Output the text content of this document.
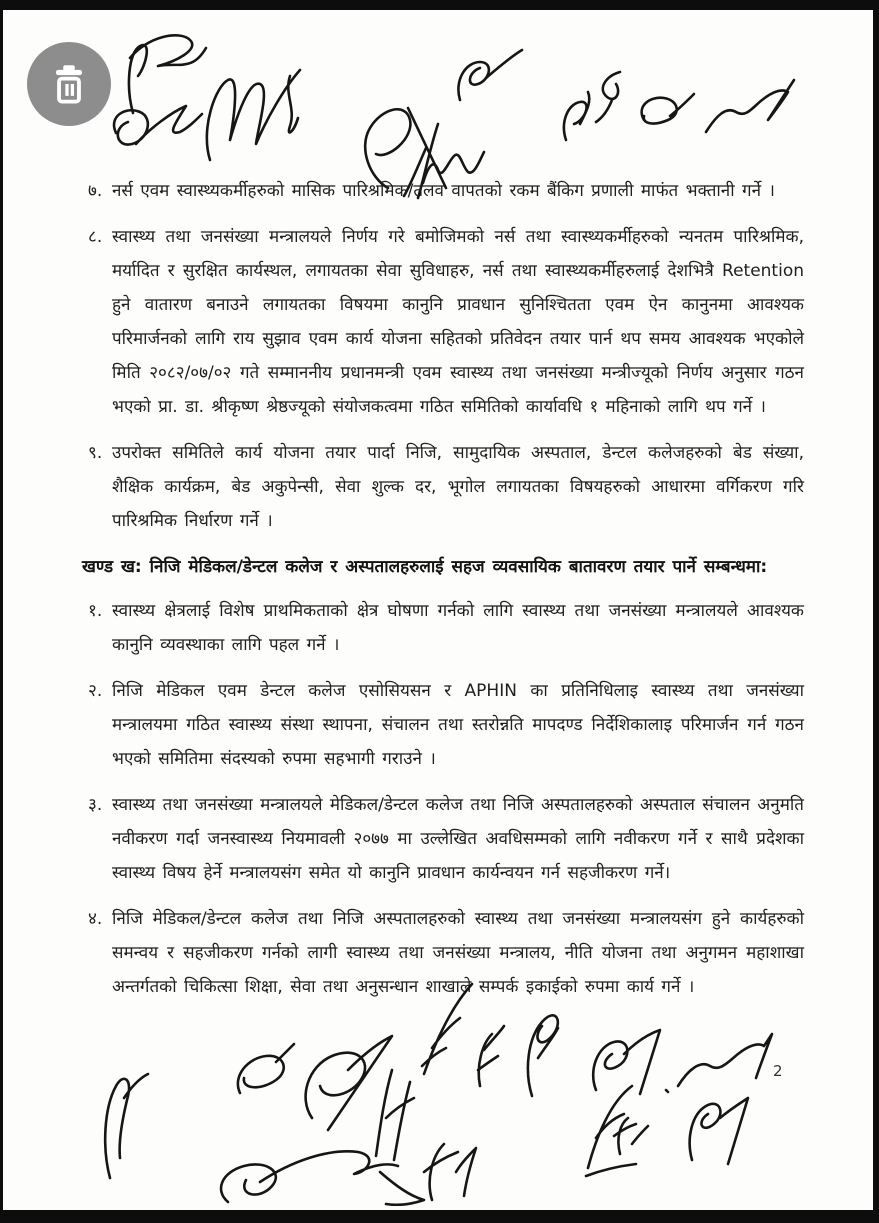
७. नर्स एवम स्वास्थ्यकर्मीहरुको मासिक पारिश्रमिक/तलव वापतको रकम बैंकिग प्रणाली माफंत भक्तानी गर्ने ।
८. स्वास्थ्य तथा जनसंख्या मन्त्रालयले निर्णय गरे बमोजिमको नर्स तथा स्वास्थ्यकर्मीहरुको न्यनतम पारिश्रमिक, मर्यादित र सुरक्षित कार्यस्थल, लगायतका सेवा सुविधाहरु, नर्स तथा स्वास्थ्यकर्मीहरुलाई देशभित्रै Retention हुने वातारण बनाउने लगायतका विषयमा कानुनि प्रावधान सुनिश्चितता एवम ऐन कानुनमा आवश्यक परिमार्जनको लागि राय सुझाव एवम कार्य योजना सहितको प्रतिवेदन तयार पार्न थप समय आवश्यक भएकोले मिति २०८२/०७/०२ गते सम्माननीय प्रधानमन्त्री एवम स्वास्थ्य तथा जनसंख्या मन्त्रीज्यूको निर्णय अनुसार गठन भएको प्रा. डा. श्रीकृष्ण श्रेष्ठज्यूको संयोजकत्वमा गठित समितिको कार्यावधि १ महिनाको लागि थप गर्ने ।
९. उपरोक्त समितिले कार्य योजना तयार पार्दा निजि, सामुदायिक अस्पताल, डेन्टल कलेजहरुको बेड संख्या, शैक्षिक कार्यक्रम, बेड अकुपेन्सी, सेवा शुल्क दर, भूगोल लगायतका विषयहरुको आधारमा वर्गिकरण गरि पारिश्रमिक निर्धारण गर्ने ।
खण्ड ख: निजि मेडिकल/डेन्टल कलेज र अस्पतालहरुलाई सहज व्यवसायिक बातावरण तयार पार्ने सम्बन्धमा:
१. स्वास्थ्य क्षेत्रलाई विशेष प्राथमिकताको क्षेत्र घोषणा गर्नको लागि स्वास्थ्य तथा जनसंख्या मन्त्रालयले आवश्यक कानुनि व्यवस्थाका लागि पहल गर्ने ।
२. निजि मेडिकल एवम डेन्टल कलेज एसोसियसन र APHIN का प्रतिनिधिलाइ स्वास्थ्य तथा जनसंख्या मन्त्रालयमा गठित स्वास्थ्य संस्था स्थापना, संचालन तथा स्तरोन्नति मापदण्ड निर्देशिकालाइ परिमार्जन गर्न गठन भएको समितिमा संदस्यको रुपमा सहभागी गराउने ।
३. स्वास्थ्य तथा जनसंख्या मन्त्रालयले मेडिकल/डेन्टल कलेज तथा निजि अस्पतालहरुको अस्पताल संचालन अनुमति नवीकरण गर्दा जनस्वास्थ्य नियमावली २०७७ मा उल्लेखित अवधिसम्मको लागि नवीकरण गर्ने र साथै प्रदेशका स्वास्थ्य विषय हेर्ने मन्त्रालयसंग समेत यो कानुनि प्रावधान कार्यन्वयन गर्न सहजीकरण गर्ने।
४. निजि मेडिकल/डेन्टल कलेज तथा निजि अस्पतालहरुको स्वास्थ्य तथा जनसंख्या मन्त्रालयसंग हुने कार्यहरुको समन्वय र सहजीकरण गर्नको लागी स्वास्थ्य तथा जनसंख्या मन्त्रालय, नीति योजना तथा अनुगमन महाशाखा अन्तर्गतको चिकित्सा शिक्षा, सेवा तथा अनुसन्धान शाखाले सम्पर्क इकाईको रुपमा कार्य गर्ने ।
2
